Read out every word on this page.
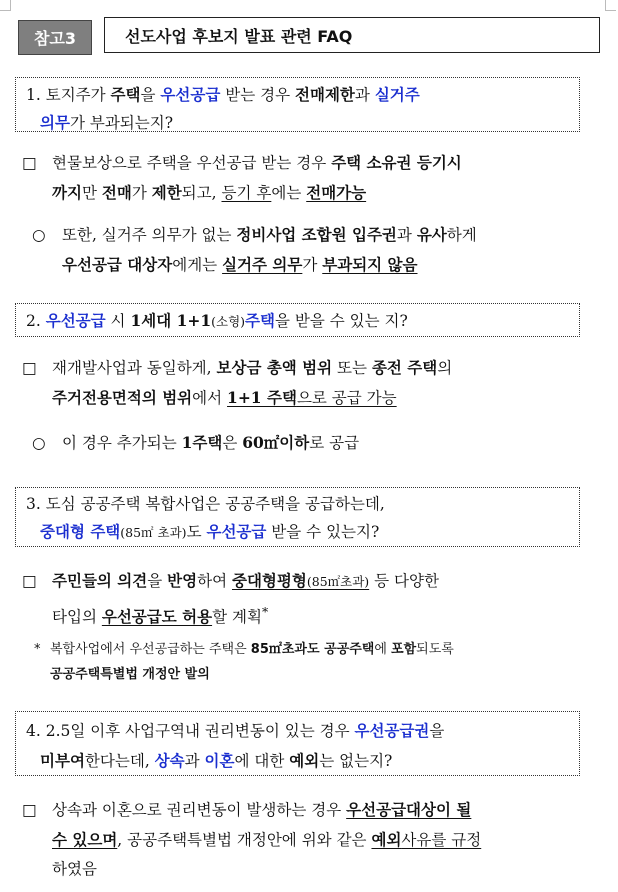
참고3	선도사업 후보지 발표 관련 FAQ
1. 토지주가 주택을 우선공급 받는 경우 전매제한과 실거주
의무가 부과되는지?
□ 현물보상으로 주택을 우선공급 받는 경우 주택 소유권 등기시
까지만 전매가 제한되고, 등기 후에는 전매가능
○ 또한, 실거주 의무가 없는 정비사업 조합원 입주권과 유사하게
우선공급 대상자에게는 실거주 의무가 부과되지 않음
2. 우선공급 시 1세대 1+1(소형)주택을 받을 수 있는 지?
□ 재개발사업과 동일하게, 보상금 총액 범위 또는 종전 주택의
주거전용면적의 범위에서 1+1 주택으로 공급 가능
○ 이 경우 추가되는 1주택은 60㎡이하로 공급
3. 도심 공공주택 복합사업은 공공주택을 공급하는데,
중대형 주택(85㎡ 초과)도 우선공급 받을 수 있는지?
□ 주민들의 의견을 반영하여 중대형평형(85㎡초과) 등 다양한
타입의 우선공급도 허용할 계획*
* 복합사업에서 우선공급하는 주택은 85㎡초과도 공공주택에 포함되도록
공공주택특별법 개정안 발의
4. 2.5일 이후 사업구역내 권리변동이 있는 경우 우선공급권을
미부여한다는데, 상속과 이혼에 대한 예외는 없는지?
□ 상속과 이혼으로 권리변동이 발생하는 경우 우선공급대상이 될
수 있으며, 공공주택특별법 개정안에 위와 같은 예외사유를 규정
하였음
